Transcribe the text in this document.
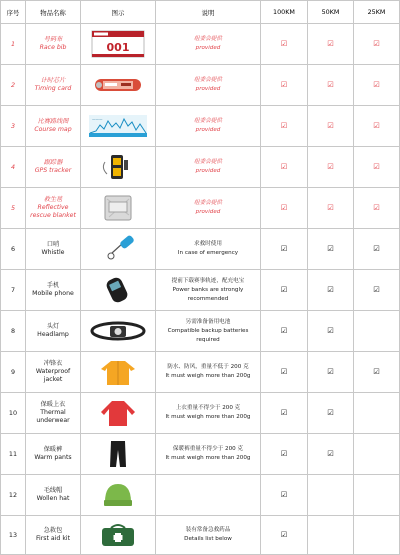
序号	物品名称	图示	说明	100KM	50KM	25KM
1	号码布
Race bib	001	组委会提供
provided	☑	☑	☑
2	计时芯片
Timing card		组委会提供
provided	☑	☑	☑
3	比赛路线图
Course map	———	组委会提供
provided	☑	☑	☑
4	跟踪器
GPS tracker		组委会提供
provided	☑	☑	☑
5	救生毯
Reflective
rescue blanket		组委会提供
provided	☑	☑	☑
6	口哨
Whistle		求救时使用
In case of emergency	☑	☑	☑
7	手机
Mobile phone		提前下载赛事轨迹，配充电宝
Power banks are strongly
recommended	☑	☑	☑
8	头灯
Headlamp		另需准备备用电池
Compatible backup batteries
required	☑	☑	
9	冲锋衣
Waterproof
jacket		防水、防风，重量不低于 200 克
It must weigh more than 200g	☑	☑	☑
10	保暖上衣
Thermal
underwear		上衣重量不得少于 200 克
It must weigh more than 200g	☑	☑	
11	保暖裤
Warm pants		保暖裤重量不得少于 200 克
It must weigh more than 200g	☑	☑	
12	毛线帽
Wollen hat			☑		
13	急救包
First aid kit		装有常备急救药品
Details list below	☑		
